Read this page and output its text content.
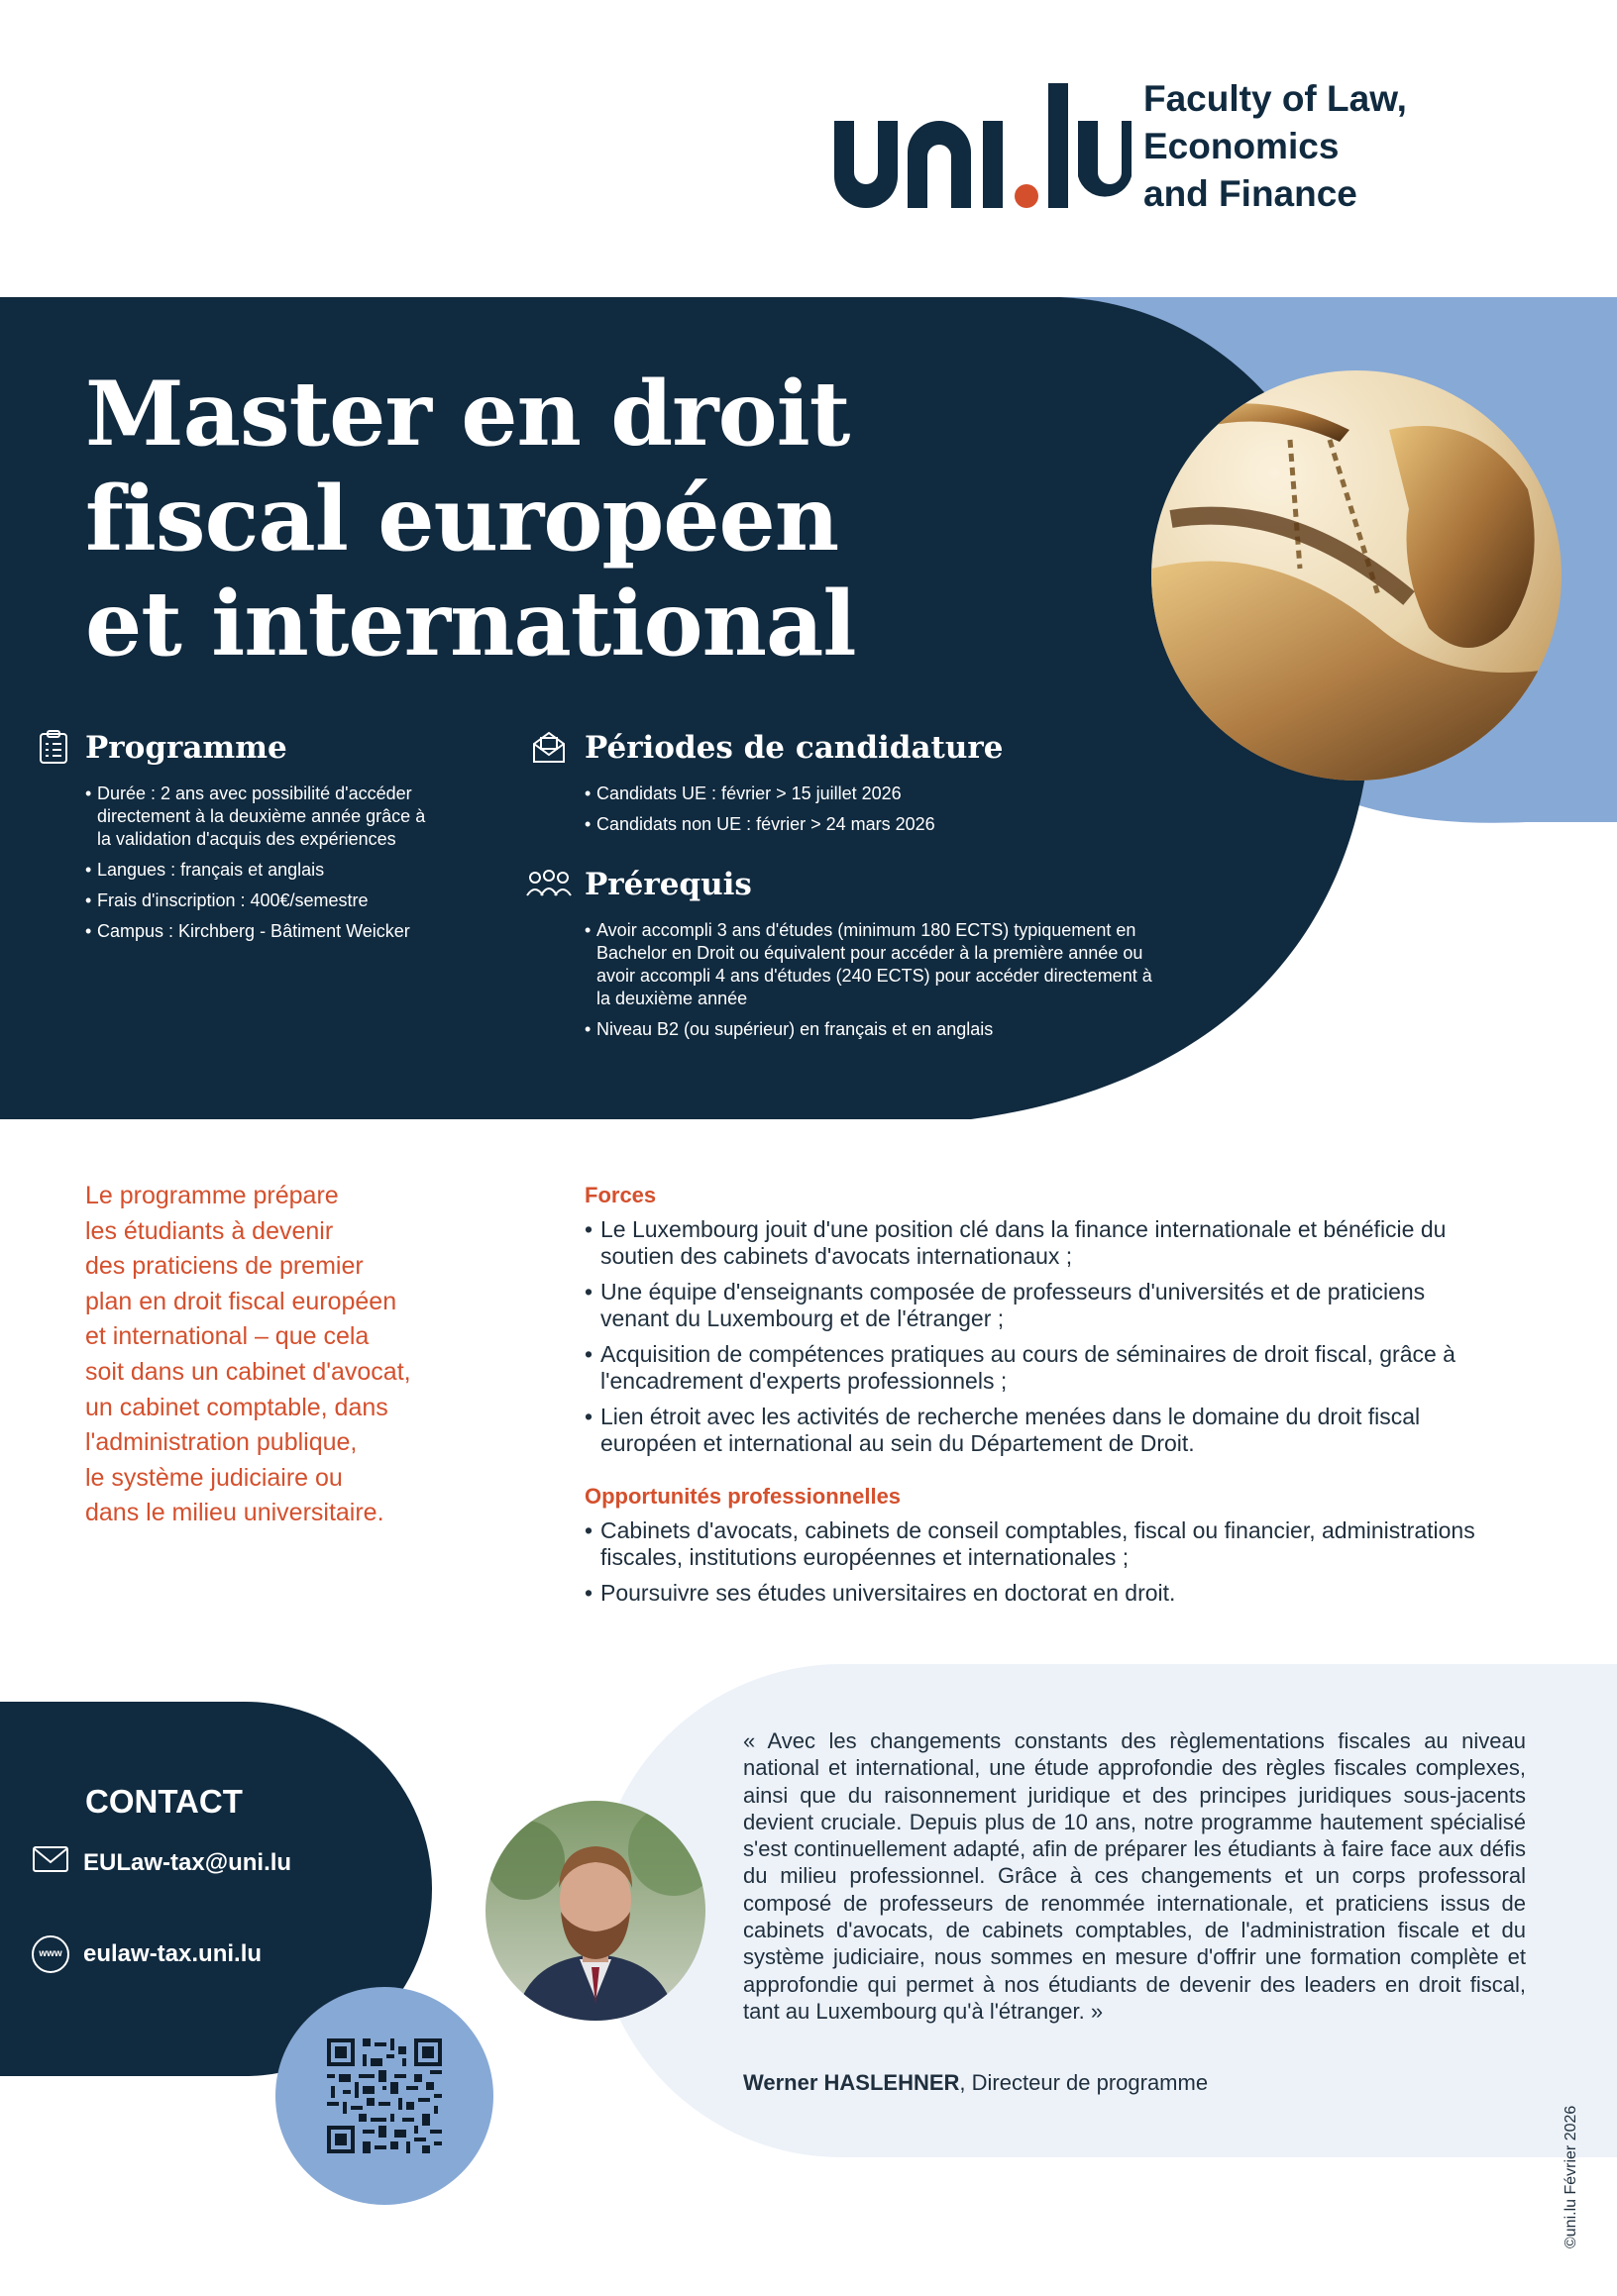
Faculty of Law,
Economics
and Finance
Master en droit
fiscal européen
et international
Programme
• Durée : 2 ans avec possibilité d'accéder directement à la deuxième année grâce à la validation d'acquis des expériences
• Langues : français et anglais
• Frais d'inscription : 400€/semestre
• Campus : Kirchberg - Bâtiment Weicker
Périodes de candidature
• Candidats UE : février > 15 juillet 2026
• Candidats non UE : février > 24 mars 2026
Prérequis
• Avoir accompli 3 ans d'études (minimum 180 ECTS) typiquement en Bachelor en Droit ou équivalent pour accéder à la première année ou avoir accompli 4 ans d'études (240 ECTS) pour accéder directement à la deuxième année
• Niveau B2 (ou supérieur) en français et en anglais
Le programme prépare
les étudiants à devenir
des praticiens de premier
plan en droit fiscal européen
et international – que cela
soit dans un cabinet d'avocat,
un cabinet comptable, dans
l'administration publique,
le système judiciaire ou
dans le milieu universitaire.
Forces
• Le Luxembourg jouit d'une position clé dans la finance internationale et bénéficie du soutien des cabinets d'avocats internationaux ;
• Une équipe d'enseignants composée de professeurs d'universités et de praticiens venant du Luxembourg et de l'étranger ;
• Acquisition de compétences pratiques au cours de séminaires de droit fiscal, grâce à l'encadrement d'experts professionnels ;
• Lien étroit avec les activités de recherche menées dans le domaine du droit fiscal européen et international au sein du Département de Droit.
Opportunités professionnelles
• Cabinets d'avocats, cabinets de conseil comptables, fiscal ou financier, administrations fiscales, institutions européennes et internationales ;
• Poursuivre ses études universitaires en doctorat en droit.
CONTACT
EULaw-tax@uni.lu
www eulaw-tax.uni.lu
« Avec les changements constants des règlementations fiscales au niveau national et international, une étude approfondie des règles fiscales complexes, ainsi que du raisonnement juridique et des principes juridiques sous-jacents devient cruciale. Depuis plus de 10 ans, notre programme hautement spécialisé s'est continuellement adapté, afin de préparer les étudiants à faire face aux défis du milieu professionnel. Grâce à ces changements et un corps professoral composé de professeurs de renommée internationale, et praticiens issus de cabinets d'avocats, de cabinets comptables, de l'administration fiscale et du système judiciaire, nous sommes en mesure d'offrir une formation complète et approfondie qui permet à nos étudiants de devenir des leaders en droit fiscal, tant au Luxembourg qu'à l'étranger. »
Werner HASLEHNER, Directeur de programme
©uni.lu Février 2026
